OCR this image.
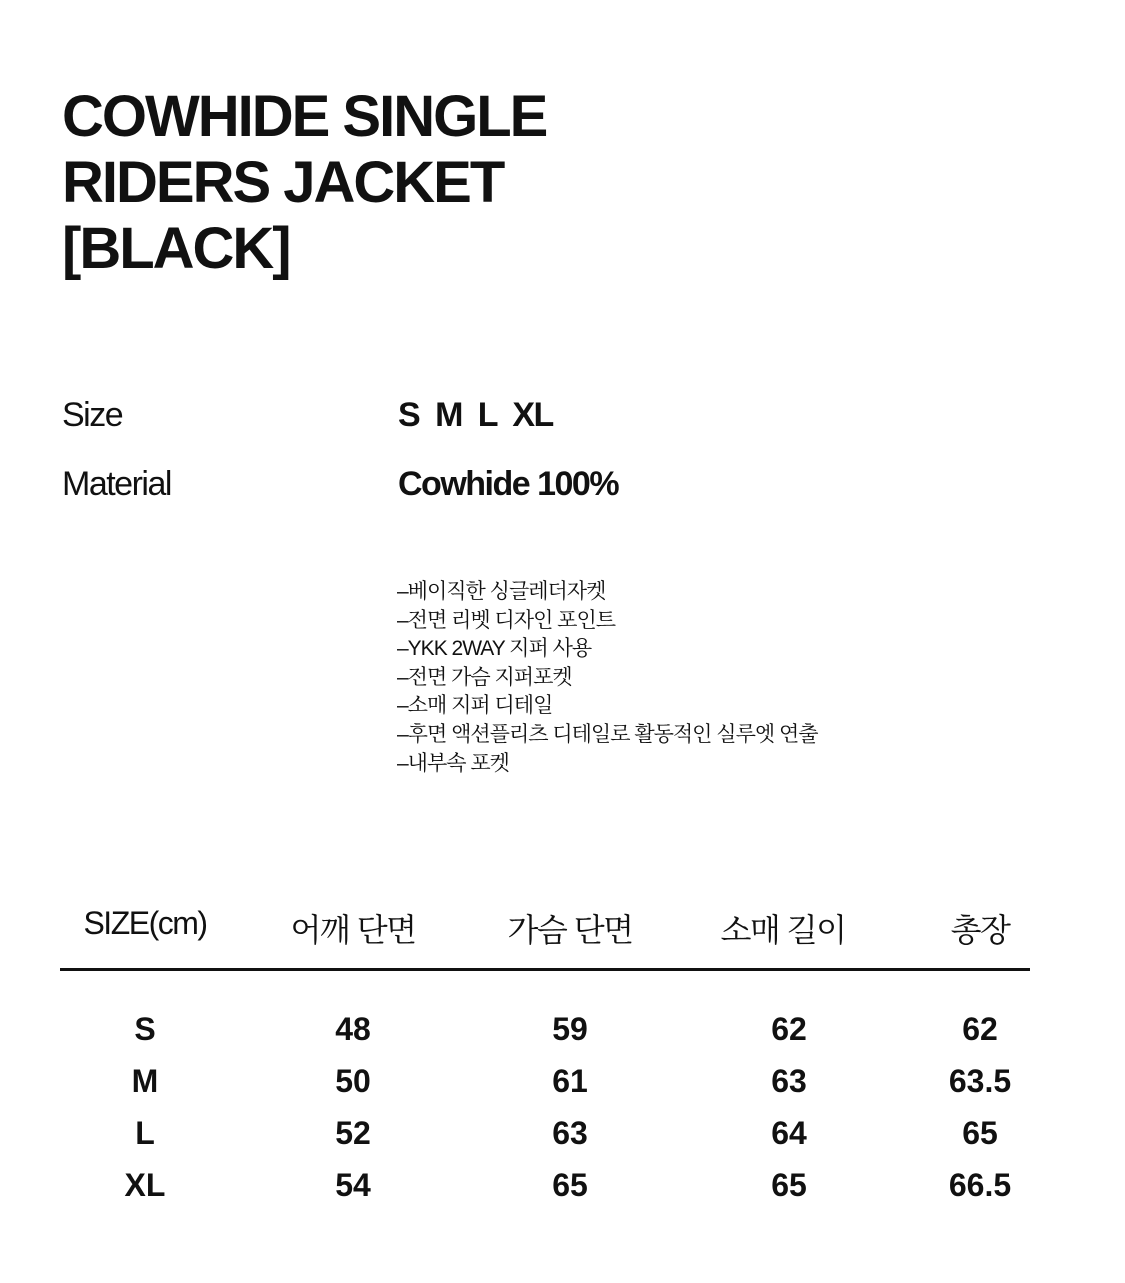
COWHIDE SINGLE
RIDERS JACKET
[BLACK]
Size	S  M  L  XL
Material	Cowhide 100%
–베이직한 싱글레더자켓
–전면 리벳 디자인 포인트
–YKK 2WAY 지퍼 사용
–전면 가슴 지퍼포켓
–소매 지퍼 디테일
–후면 액션플리츠 디테일로 활동적인 실루엣 연출
–내부속 포켓
SIZE(cm)	어깨 단면	가슴 단면	소매 길이	총장
S	48	59	62	62
M	50	61	63	63.5
L	52	63	64	65
XL	54	65	65	66.5
